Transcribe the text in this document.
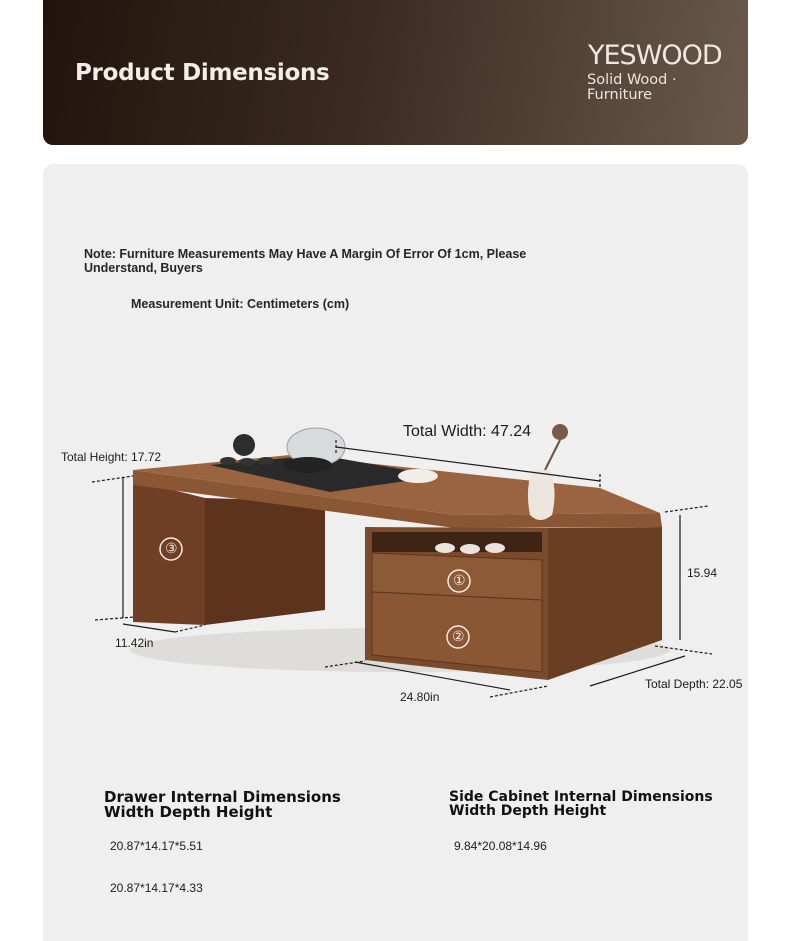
Product Dimensions
YESWOOD
Solid Wood · Furniture
Note: Furniture Measurements May Have A Margin Of Error Of 1cm, Please Understand, Buyers
Measurement Unit: Centimeters (cm)
Total Width: 47.24
Total Height: 17.72
11.42in
15.94
24.80in
Total Depth: 22.05
①
②
③
Drawer Internal Dimensions
Width Depth Height
20.87*14.17*5.51
20.87*14.17*4.33
Side Cabinet Internal Dimensions
Width Depth Height
9.84*20.08*14.96
